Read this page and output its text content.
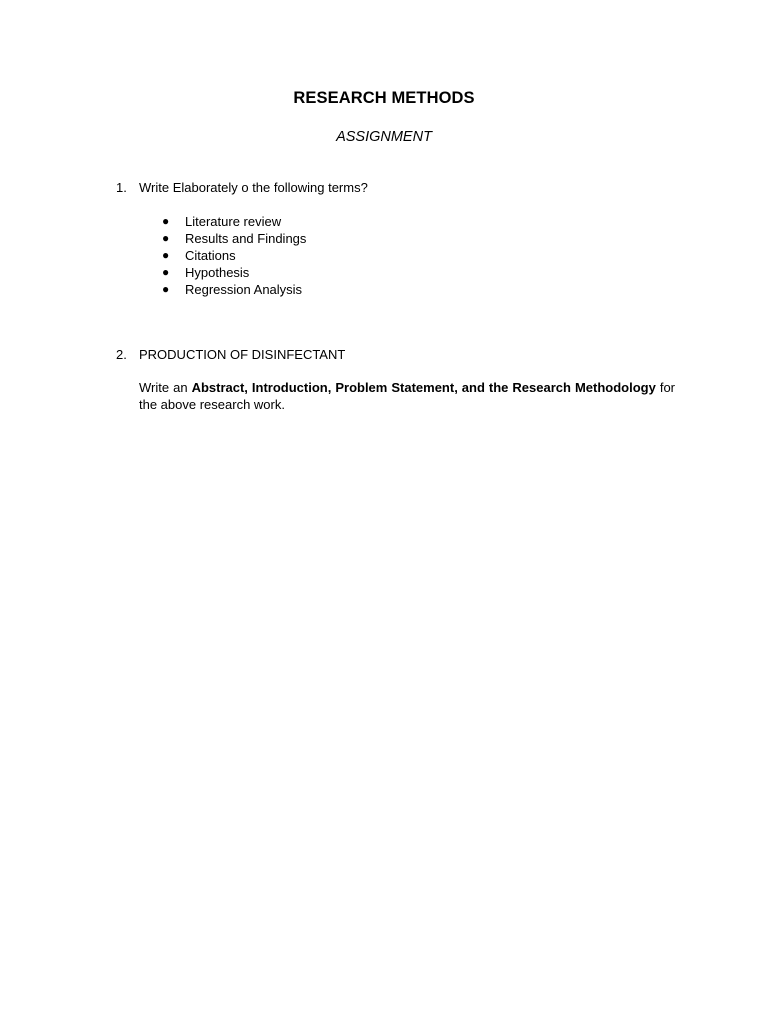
RESEARCH METHODS
ASSIGNMENT
1. Write Elaborately o the following terms?
● Literature review
● Results and Findings
● Citations
● Hypothesis
● Regression Analysis
2. PRODUCTION OF DISINFECTANT
Write an Abstract, Introduction, Problem Statement, and the Research Methodology for the above research work.
